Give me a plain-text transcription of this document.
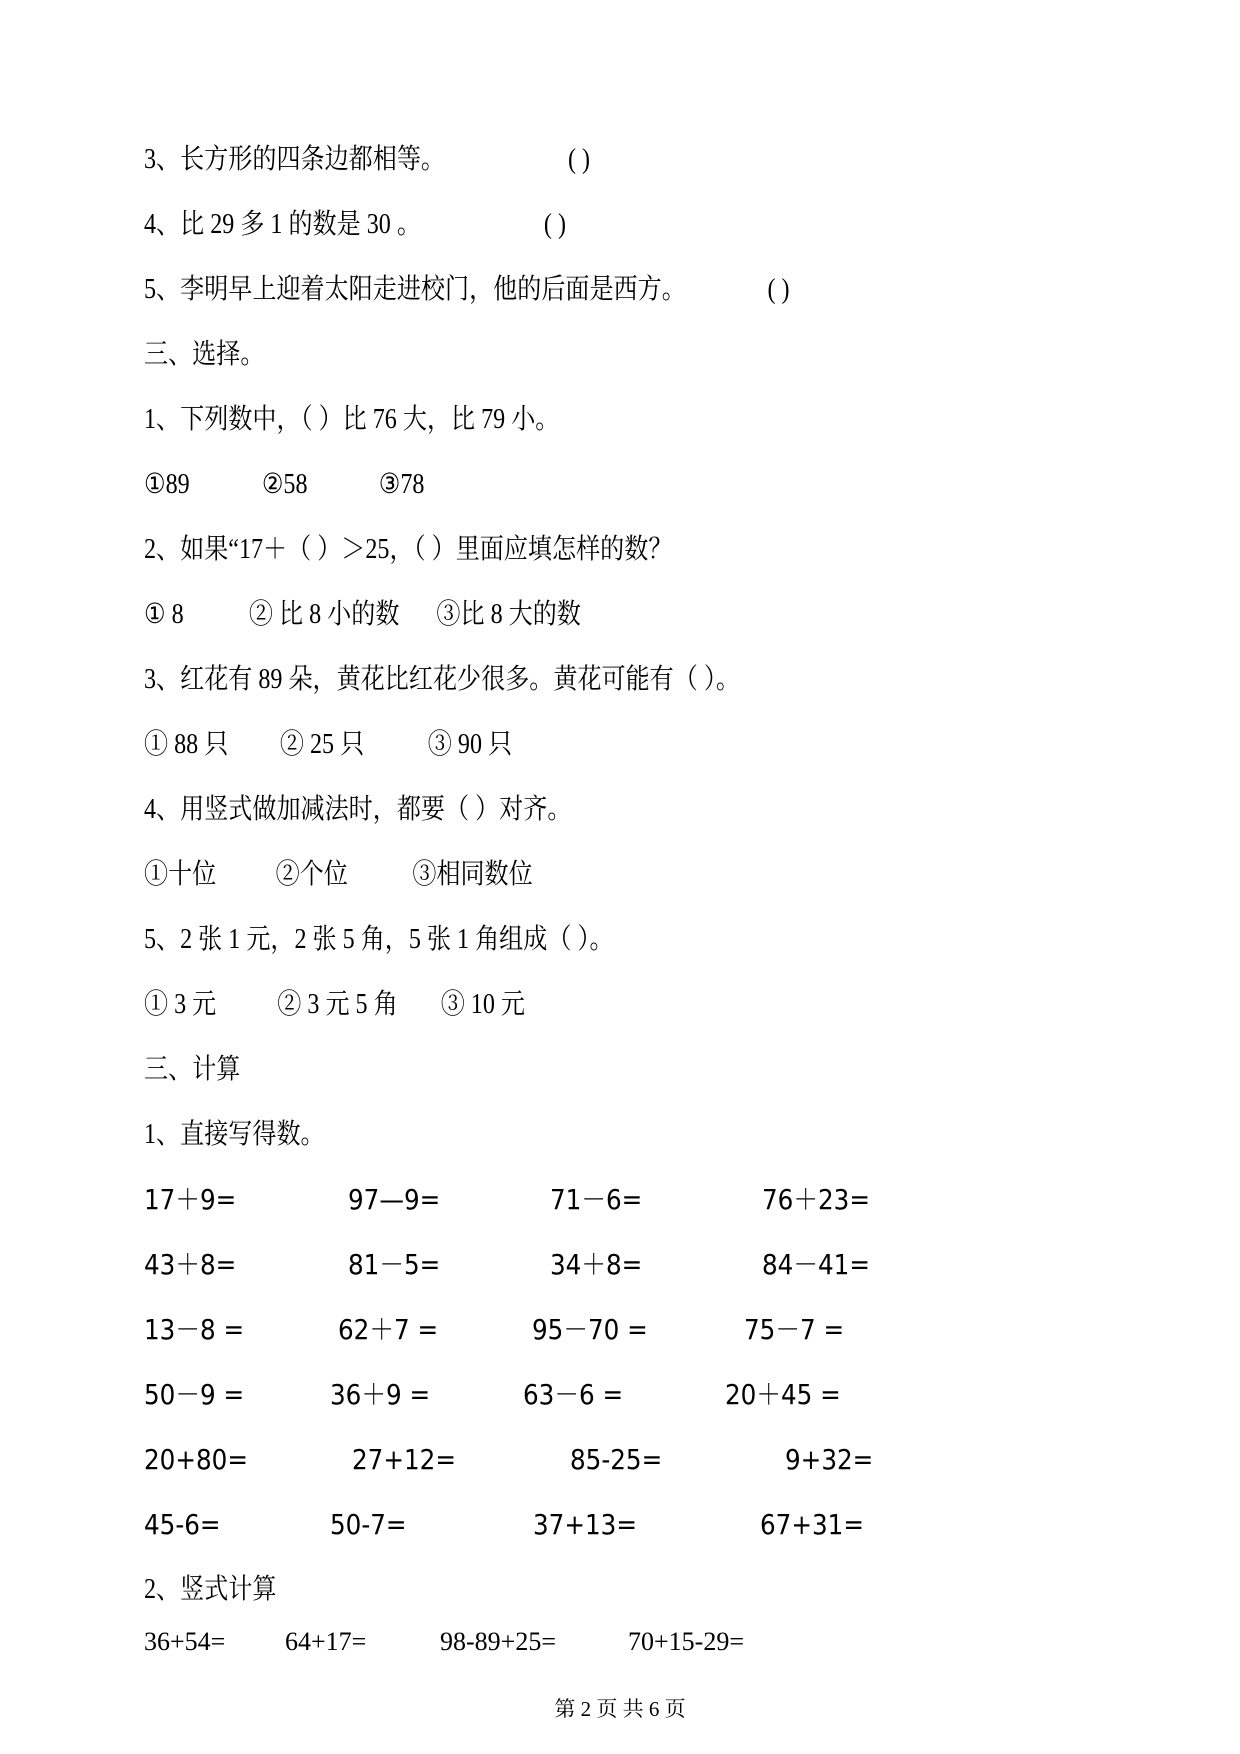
3、长方形的四条边都相等。	( )
4、比 29 多 1 的数是 30 。	( )
5、李明早上迎着太阳走进校门，他的后面是西方。	( )
三、选择。
1、下列数中，（ ）比 76 大，比 79 小。
①89	②58	③78
2、如果“17＋（ ）＞25，（ ）里面应填怎样的数？
① 8 ② 比 8 小的数 ③比 8 大的数
3、红花有 89 朵，黄花比红花少很多。黄花可能有（ ）。
① 88 只 ② 25 只 ③ 90 只
4、用竖式做加减法时，都要（ ）对齐。
①十位 ②个位 ③相同数位
5、2 张 1 元，2 张 5 角，5 张 1 角组成（ ）。
① 3 元 ② 3 元 5 角 ③ 10 元
三、计算
1、直接写得数。
17＋9=	97—9=	71－6=	76＋23=
43＋8=	81－5=	34＋8=	84－41=
13－8 =	62＋7 =	95－70 =	75－7 =
50－9 =	36＋9 =	63－6 =	20＋45 =
20+80=	27+12=	85-25=	9+32=
45-6=	50-7=	37+13=	67+31=
2、竖式计算
36+54= 64+17=	98-89+25=	70+15-29=
第 2 页 共 6 页
